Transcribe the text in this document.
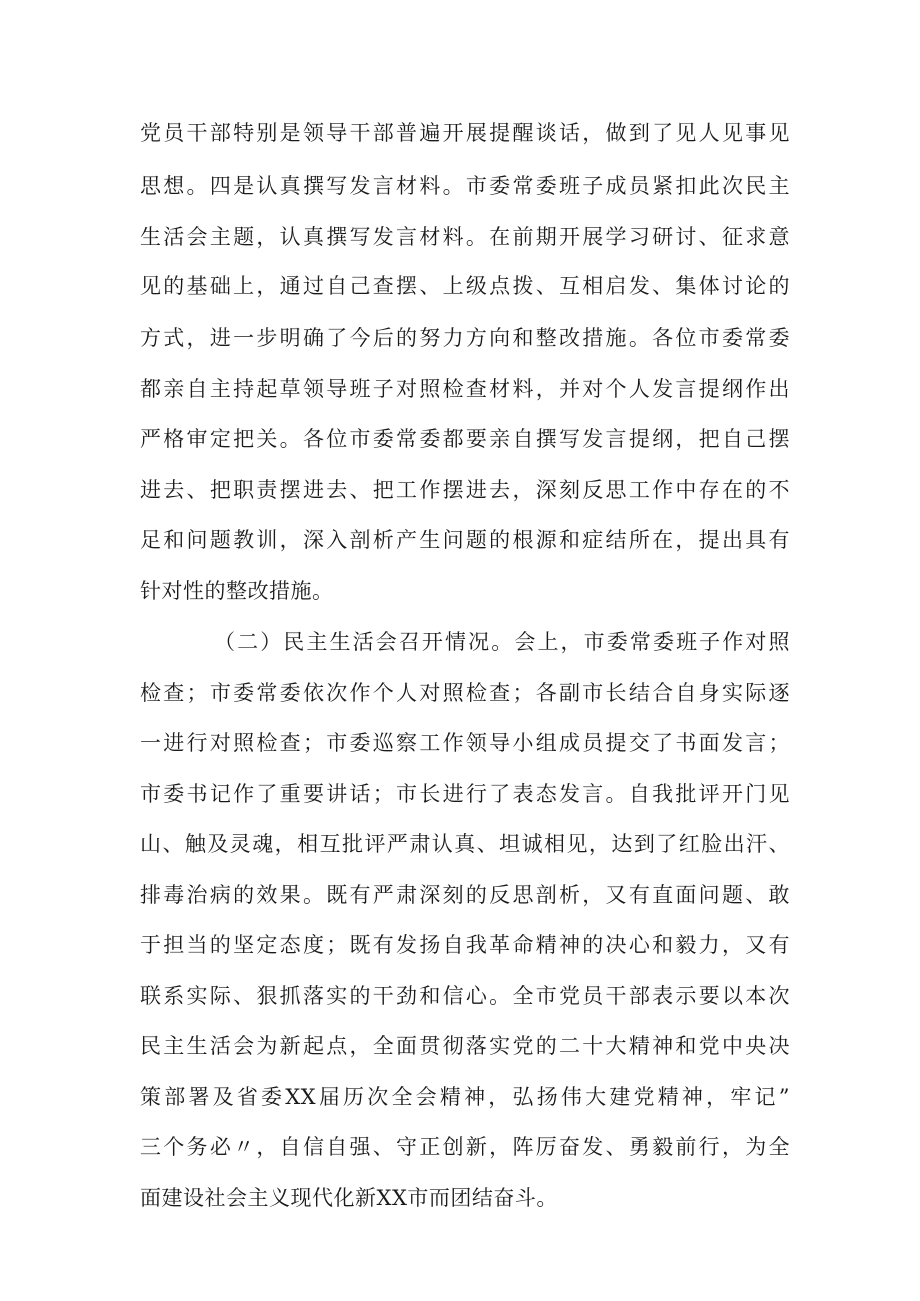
党员干部特别是领导干部普遍开展提醒谈话，做到了见人见事见
思想。四是认真撰写发言材料。市委常委班子成员紧扣此次民主
生活会主题，认真撰写发言材料。在前期开展学习研讨、征求意
见的基础上，通过自己查摆、上级点拨、互相启发、集体讨论的
方式，进一步明确了今后的努力方向和整改措施。各位市委常委
都亲自主持起草领导班子对照检查材料，并对个人发言提纲作出
严格审定把关。各位市委常委都要亲自撰写发言提纲，把自己摆
进去、把职责摆进去、把工作摆进去，深刻反思工作中存在的不
足和问题教训，深入剖析产生问题的根源和症结所在，提出具有
针对性的整改措施。
（二）民主生活会召开情况。会上，市委常委班子作对照
检查；市委常委依次作个人对照检查；各副市长结合自身实际逐
一进行对照检查；市委巡察工作领导小组成员提交了书面发言；
市委书记作了重要讲话；市长进行了表态发言。自我批评开门见
山、触及灵魂，相互批评严肃认真、坦诚相见，达到了红脸出汗、
排毒治病的效果。既有严肃深刻的反思剖析，又有直面问题、敢
于担当的坚定态度；既有发扬自我革命精神的决心和毅力，又有
联系实际、狠抓落实的干劲和信心。全市党员干部表示要以本次
民主生活会为新起点，全面贯彻落实党的二十大精神和党中央决
策部署及省委XX届历次全会精神，弘扬伟大建党精神，牢记”
三个务必〃，自信自强、守正创新，阵厉奋发、勇毅前行，为全
面建设社会主义现代化新XX市而团结奋斗。
